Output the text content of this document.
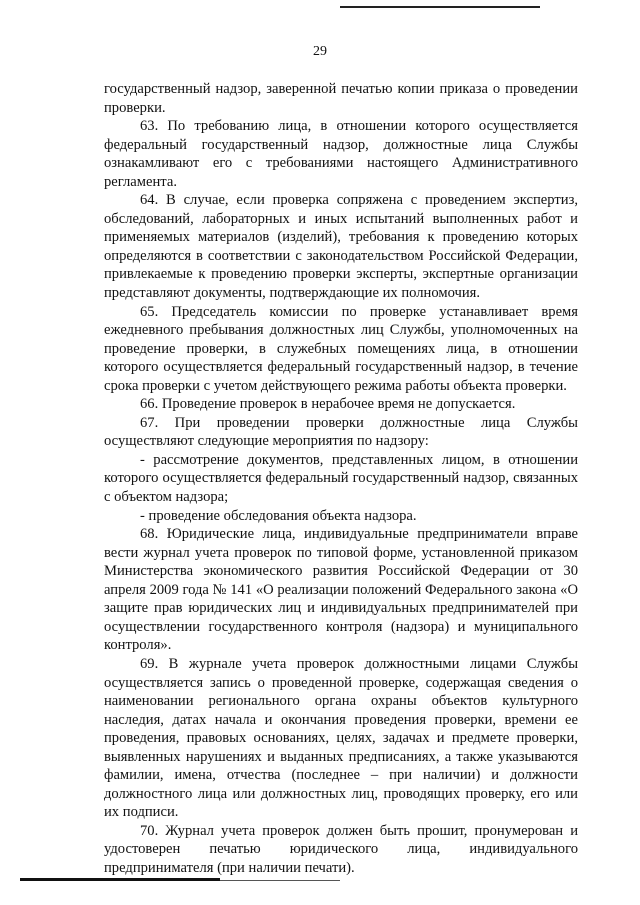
29

государственный надзор, заверенной печатью копии приказа о проведении проверки.

63. По требованию лица, в отношении которого осуществляется федеральный государственный надзор, должностные лица Службы ознакамливают его с требованиями настоящего Административного регламента.

64. В случае, если проверка сопряжена с проведением экспертиз, обследований, лабораторных и иных испытаний выполненных работ и применяемых материалов (изделий), требования к проведению которых определяются в соответствии с законодательством Российской Федерации, привлекаемые к проведению проверки эксперты, экспертные организации представляют документы, подтверждающие их полномочия.

65. Председатель комиссии по проверке устанавливает время ежедневного пребывания должностных лиц Службы, уполномоченных на проведение проверки, в служебных помещениях лица, в отношении которого осуществляется федеральный государственный надзор, в течение срока проверки с учетом действующего режима работы объекта проверки.

66. Проведение проверок в нерабочее время не допускается.

67. При проведении проверки должностные лица Службы осуществляют следующие мероприятия по надзору:

- рассмотрение документов, представленных лицом, в отношении которого осуществляется федеральный государственный надзор, связанных с объектом надзора;

- проведение обследования объекта надзора.

68. Юридические лица, индивидуальные предприниматели вправе вести журнал учета проверок по типовой форме, установленной приказом Министерства экономического развития Российской Федерации от 30 апреля 2009 года № 141 «О реализации положений Федерального закона «О защите прав юридических лиц и индивидуальных предпринимателей при осуществлении государственного контроля (надзора) и муниципального контроля».

69. В журнале учета проверок должностными лицами Службы осуществляется запись о проведенной проверке, содержащая сведения о наименовании регионального органа охраны объектов культурного наследия, датах начала и окончания проведения проверки, времени ее проведения, правовых основаниях, целях, задачах и предмете проверки, выявленных нарушениях и выданных предписаниях, а также указываются фамилии, имена, отчества (последнее – при наличии) и должности должностного лица или должностных лиц, проводящих проверку, его или их подписи.

70. Журнал учета проверок должен быть прошит, пронумерован и удостоверен печатью юридического лица, индивидуального предпринимателя (при наличии печати).
